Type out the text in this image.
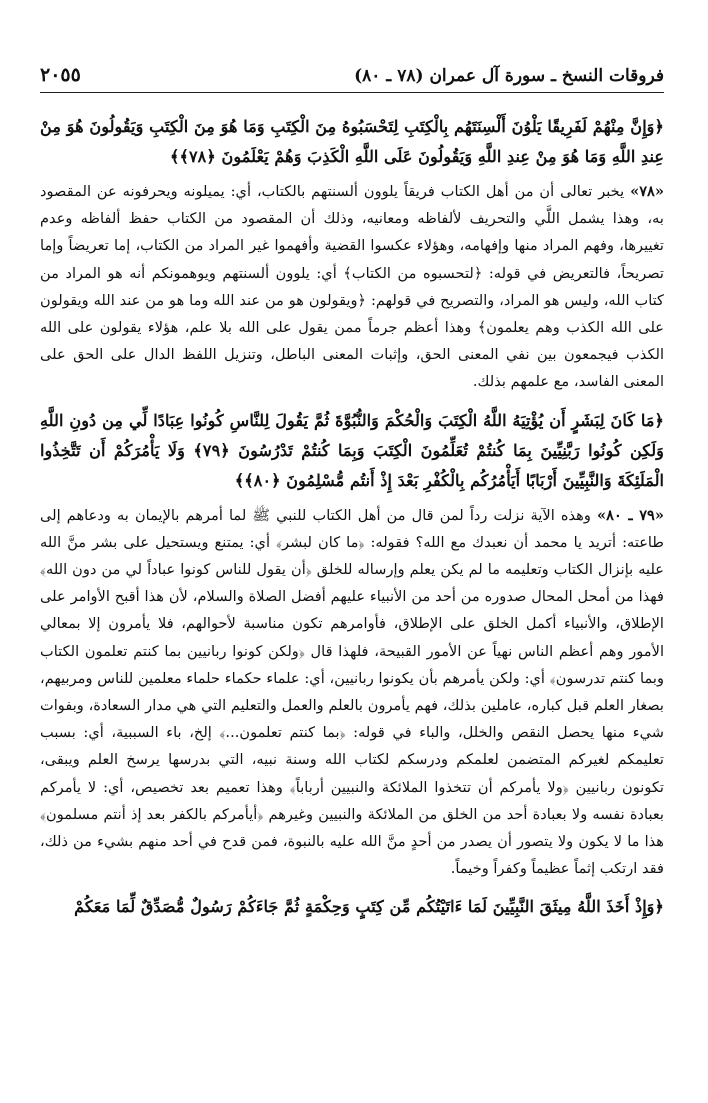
فروقات النسخ ـ سورة آل عمران (٧٨ ـ ٨٠)
٢٠٥٥

﴿وَإِنَّ مِنْهُمْ لَفَرِيقًا يَلْوُنَ أَلْسِنَتَهُم بِالْكِتَبِ لِتَحْسَبُوهُ مِنَ الْكِتَبِ وَمَا هُوَ مِنَ الْكِتَبِ وَيَقُولُونَ هُوَ مِنْ عِندِ اللَّهِ وَمَا هُوَ مِنْ عِندِ اللَّهِ وَيَقُولُونَ عَلَى اللَّهِ الْكَذِبَ وَهُمْ يَعْلَمُونَ ﴿٧٨﴾﴾

«٧٨» يخبر تعالى أن من أهل الكتاب فريقاً يلوون ألسنتهم بالكتاب، أي: يميلونه ويحرفونه عن المقصود به، وهذا يشمل اللَّي والتحريف لألفاظه ومعانيه، وذلك أن المقصود من الكتاب حفظ ألفاظه وعدم تغييرها، وفهم المراد منها وإفهامه، وهؤلاء عكسوا القضية وأفهموا غير المراد من الكتاب، إما تعريضاً وإما تصريحاً، فالتعريض في قوله: ﴿لتحسبوه من الكتاب﴾ أي: يلوون ألسنتهم ويوهمونكم أنه هو المراد من كتاب الله، وليس هو المراد، والتصريح في قولهم: ﴿ويقولون هو من عند الله وما هو من عند الله ويقولون على الله الكذب وهم يعلمون﴾ وهذا أعظم جرماً ممن يقول على الله بلا علم، هؤلاء يقولون على الله الكذب فيجمعون بين نفي المعنى الحق، وإثبات المعنى الباطل، وتنزيل اللفظ الدال على الحق على المعنى الفاسد، مع علمهم بذلك.

﴿مَا كَانَ لِبَشَرٍ أَن يُؤْتِيَهُ اللَّهُ الْكِتَبَ وَالْحُكْمَ وَالنُّبُوَّةَ ثُمَّ يَقُولَ لِلنَّاسِ كُونُوا عِبَادًا لِّي مِن دُونِ اللَّهِ وَلَكِن كُونُوا رَبَّنِيِّينَ بِمَا كُنتُمْ تُعَلِّمُونَ الْكِتَبَ وَبِمَا كُنتُمْ تَدْرُسُونَ ﴿٧٩﴾ وَلَا يَأْمُرَكُمْ أَن تَتَّخِذُوا الْمَلَئِكَةَ وَالنَّبِيِّينَ أَرْبَابًا أَيَأْمُرُكُم بِالْكُفْرِ بَعْدَ إِذْ أَنتُم مُّسْلِمُونَ ﴿٨٠﴾﴾

«٧٩ ـ ٨٠» وهذه الآية نزلت رداً لمن قال من أهل الكتاب للنبي ﷺ لما أمرهم بالإيمان به ودعاهم إلى طاعته: أتريد يا محمد أن نعبدك مع الله؟ فقوله: ﴿ما كان لبشر﴾ أي: يمتنع ويستحيل على بشر منَّ الله عليه بإنزال الكتاب وتعليمه ما لم يكن يعلم وإرساله للخلق ﴿أن يقول للناس كونوا عباداً لي من دون الله﴾ فهذا من أمحل المحال صدوره من أحد من الأنبياء عليهم أفضل الصلاة والسلام، لأن هذا أقبح الأوامر على الإطلاق، والأنبياء أكمل الخلق على الإطلاق، فأوامرهم تكون مناسبة لأحوالهم، فلا يأمرون إلا بمعالي الأمور وهم أعظم الناس نهياً عن الأمور القبيحة، فلهذا قال ﴿ولكن كونوا ربانيين بما كنتم تعلمون الكتاب وبما كنتم تدرسون﴾ أي: ولكن يأمرهم بأن يكونوا ربانيين، أي: علماء حكماء حلماء معلمين للناس ومربيهم، بصغار العلم قبل كباره، عاملين بذلك، فهم يأمرون بالعلم والعمل والتعليم التي هي مدار السعادة، وبفوات شيء منها يحصل النقص والخلل، والباء في قوله: ﴿بما كنتم تعلمون...﴾ إلخ، باء السببية، أي: بسبب تعليمكم لغيركم المتضمن لعلمكم ودرسكم لكتاب الله وسنة نبيه، التي بدرسها يرسخ العلم ويبقى، تكونون ربانيين ﴿ولا يأمركم أن تتخذوا الملائكة والنبيين أرباباً﴾ وهذا تعميم بعد تخصيص، أي: لا يأمركم بعبادة نفسه ولا بعبادة أحد من الخلق من الملائكة والنبيين وغيرهم ﴿أيأمركم بالكفر بعد إذ أنتم مسلمون﴾ هذا ما لا يكون ولا يتصور أن يصدر من أحدٍ منَّ الله عليه بالنبوة، فمن قدح في أحد منهم بشيء من ذلك، فقد ارتكب إثماً عظيماً وكفراً وخيماً.

﴿وَإِذْ أَخَذَ اللَّهُ مِيثَقَ النَّبِيِّينَ لَمَا ءَاتَيْتُكُم مِّن كِتَبٍ وَحِكْمَةٍ ثُمَّ جَاءَكُمْ رَسُولٌ مُّصَدِّقٌ لِّمَا مَعَكُمْ
